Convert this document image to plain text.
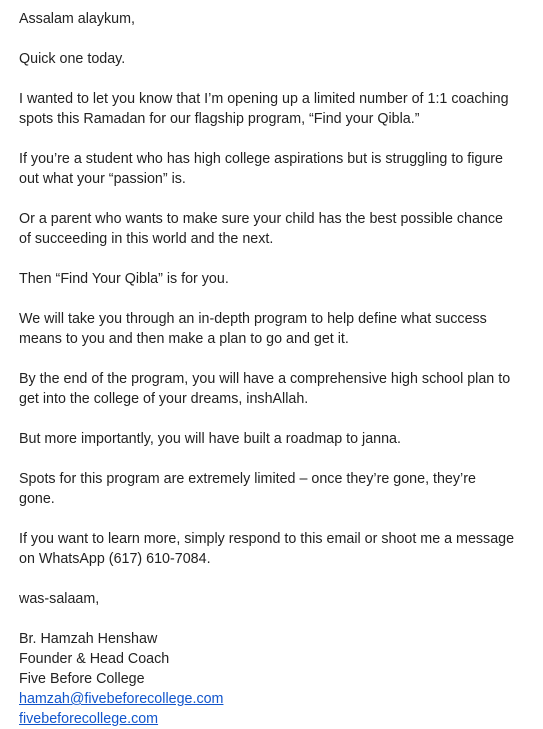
Assalam alaykum,

Quick one today.

I wanted to let you know that I’m opening up a limited number of 1:1 coaching spots this Ramadan for our flagship program, “Find your Qibla.”

If you’re a student who has high college aspirations but is struggling to figure out what your “passion” is.

Or a parent who wants to make sure your child has the best possible chance of succeeding in this world and the next.

Then “Find Your Qibla” is for you.

We will take you through an in-depth program to help define what success means to you and then make a plan to go and get it.

By the end of the program, you will have a comprehensive high school plan to get into the college of your dreams, inshAllah.

But more importantly, you will have built a roadmap to janna.

Spots for this program are extremely limited – once they’re gone, they’re gone.

If you want to learn more, simply respond to this email or shoot me a message on WhatsApp (617) 610-7084.

was-salaam,

Br. Hamzah Henshaw
Founder & Head Coach
Five Before College
hamzah@fivebeforecollege.com
fivebeforecollege.com
